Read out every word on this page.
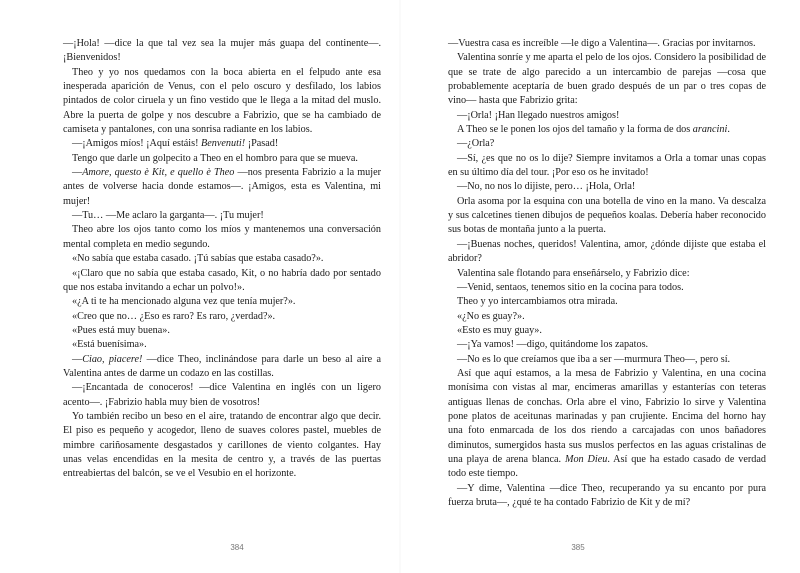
—¡Hola! —dice la que tal vez sea la mujer más guapa del continente—. ¡Bienvenidos!

Theo y yo nos quedamos con la boca abierta en el felpudo ante esa inesperada aparición de Venus, con el pelo oscuro y desfilado, los labios pintados de color ciruela y un fino vestido que le llega a la mitad del muslo. Abre la puerta de golpe y nos descubre a Fabrizio, que se ha cambiado de camiseta y pantalones, con una sonrisa radiante en los labios.

—¡Amigos míos! ¡Aquí estáis! Benvenuti! ¡Pasad!

Tengo que darle un golpecito a Theo en el hombro para que se mueva.

—Amore, questo è Kit, e quello è Theo —nos presenta Fabrizio a la mujer antes de volverse hacia donde estamos—. ¡Amigos, esta es Valentina, mi mujer!

—Tu… —Me aclaro la garganta—. ¡Tu mujer!

Theo abre los ojos tanto como los míos y mantenemos una conversación mental completa en medio segundo.

«No sabía que estaba casado. ¡Tú sabías que estaba casado?».

«¡Claro que no sabía que estaba casado, Kit, o no habría dado por sentado que nos estaba invitando a echar un polvo!».

«¿A ti te ha mencionado alguna vez que tenía mujer?».

«Creo que no… ¿Eso es raro? Es raro, ¿verdad?».

«Pues está muy buena».

«Está buenísima».

—Ciao, piacere! —dice Theo, inclinándose para darle un beso al aire a Valentina antes de darme un codazo en las costillas.

—¡Encantada de conoceros! —dice Valentina en inglés con un ligero acento—. ¡Fabrizio habla muy bien de vosotros!

Yo también recibo un beso en el aire, tratando de encontrar algo que decir. El piso es pequeño y acogedor, lleno de suaves colores pastel, muebles de mimbre cariñosamente desgastados y carillones de viento colgantes. Hay unas velas encendidas en la mesita de centro y, a través de las puertas entreabiertas del balcón, se ve el Vesubio en el horizonte.

—Vuestra casa es increíble —le digo a Valentina—. Gracias por invitarnos.

Valentina sonríe y me aparta el pelo de los ojos. Considero la posibilidad de que se trate de algo parecido a un intercambio de parejas —cosa que probablemente aceptaría de buen grado después de un par o tres copas de vino— hasta que Fabrizio grita:

—¡Orla! ¡Han llegado nuestros amigos!

A Theo se le ponen los ojos del tamaño y la forma de dos arancini.

—¿Orla?

—Sí, ¿es que no os lo dije? Siempre invitamos a Orla a tomar unas copas en su último día del tour. ¡Por eso os he invitado!

—No, no nos lo dijiste, pero… ¡Hola, Orla!

Orla asoma por la esquina con una botella de vino en la mano. Va descalza y sus calcetines tienen dibujos de pequeños koalas. Debería haber reconocido sus botas de montaña junto a la puerta.

—¡Buenas noches, queridos! Valentina, amor, ¿dónde dijiste que estaba el abridor?

Valentina sale flotando para enseñárselo, y Fabrizio dice:

—Venid, sentaos, tenemos sitio en la cocina para todos.

Theo y yo intercambiamos otra mirada.

«¿No es guay?».

«Esto es muy guay».

—¡Ya vamos! —digo, quitándome los zapatos.

—No es lo que creíamos que iba a ser —murmura Theo—, pero sí.

Así que aquí estamos, a la mesa de Fabrizio y Valentina, en una cocina monísima con vistas al mar, encimeras amarillas y estanterías con teteras antiguas llenas de conchas. Orla abre el vino, Fabrizio lo sirve y Valentina pone platos de aceitunas marinadas y pan crujiente. Encima del horno hay una foto enmarcada de los dos riendo a carcajadas con unos bañadores diminutos, sumergidos hasta sus muslos perfectos en las aguas cristalinas de una playa de arena blanca. Mon Dieu. Así que ha estado casado de verdad todo este tiempo.

—Y dime, Valentina —dice Theo, recuperando ya su encanto por pura fuerza bruta—, ¿qué te ha contado Fabrizio de Kit y de mí?

384	385
